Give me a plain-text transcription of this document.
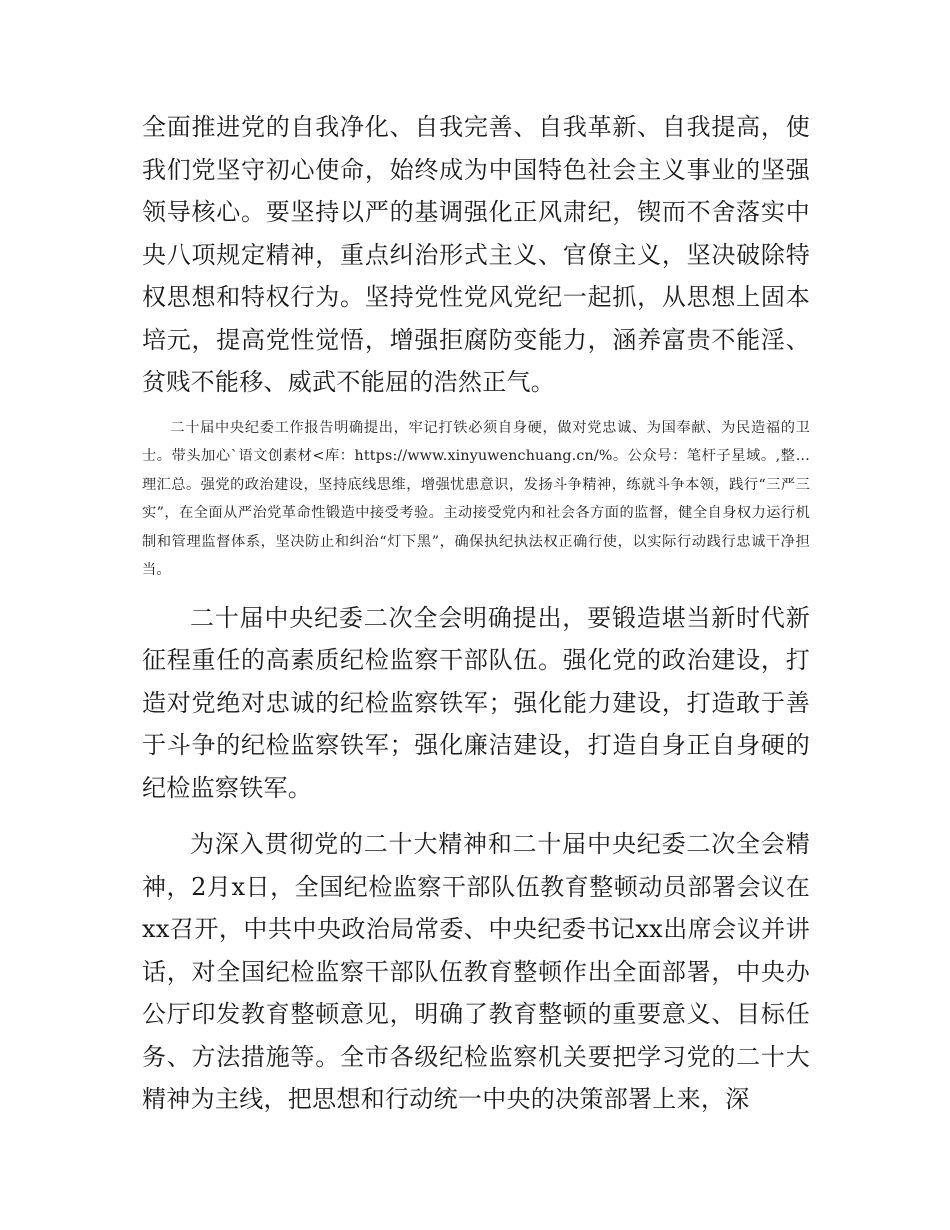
全面推进党的自我净化、自我完善、自我革新、自我提高，使我们党坚守初心使命，始终成为中国特色社会主义事业的坚强领导核心。要坚持以严的基调强化正风肃纪，锲而不舍落实中央八项规定精神，重点纠治形式主义、官僚主义，坚决破除特权思想和特权行为。坚持党性党风党纪一起抓，从思想上固本培元，提高党性觉悟，增强拒腐防变能力，涵养富贵不能淫、贫贱不能移、威武不能屈的浩然正气。

二十届中央纪委工作报告明确提出，牢记打铁必须自身硬，做对党忠诚、为国奉献、为民造福的卫士。带头加心`语文创素材<库：https://www.xinyuwenchuang.cn/%。公众号：笔杆子星域。,整…理汇总。强党的政治建设，坚持底线思维，增强忧患意识，发扬斗争精神，练就斗争本领，践行“三严三实”，在全面从严治党革命性锻造中接受考验。主动接受党内和社会各方面的监督，健全自身权力运行机制和管理监督体系，坚决防止和纠治“灯下黑”，确保执纪执法权正确行使，以实际行动践行忠诚干净担当。

二十届中央纪委二次全会明确提出，要锻造堪当新时代新征程重任的高素质纪检监察干部队伍。强化党的政治建设，打造对党绝对忠诚的纪检监察铁军；强化能力建设，打造敢于善于斗争的纪检监察铁军；强化廉洁建设，打造自身正自身硬的纪检监察铁军。

为深入贯彻党的二十大精神和二十届中央纪委二次全会精神，2月x日，全国纪检监察干部队伍教育整顿动员部署会议在xx召开，中共中央政治局常委、中央纪委书记xx出席会议并讲话，对全国纪检监察干部队伍教育整顿作出全面部署，中央办公厅印发教育整顿意见，明确了教育整顿的重要意义、目标任务、方法措施等。全市各级纪检监察机关要把学习党的二十大精神为主线，把思想和行动统一中央的决策部署上来，深
